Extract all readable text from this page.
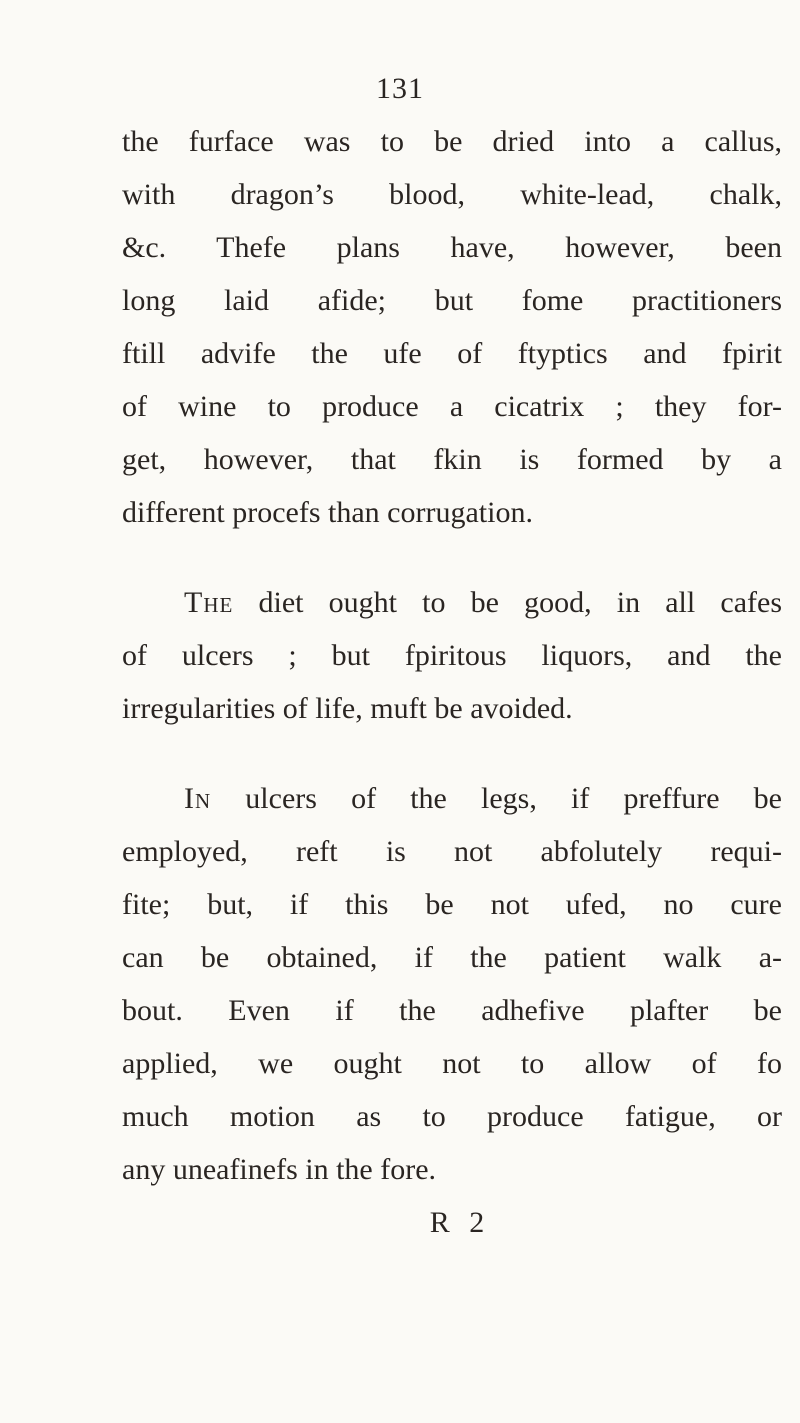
131
the furface was to be dried into a callus,
with dragon’s blood, white-lead, chalk,
&c. Thefe plans have, however, been
long laid afide; but fome practitioners
ftill advife the ufe of ftyptics and fpirit
of wine to produce a cicatrix ; they for-
get, however, that fkin is formed by a
different procefs than corrugation.
The diet ought to be good, in all cafes
of ulcers ; but fpiritous liquors, and the
irregularities of life, muft be avoided.
In ulcers of the legs, if preffure be
employed, reft is not abfolutely requi-
fite; but, if this be not ufed, no cure
can be obtained, if the patient walk a-
bout. Even if the adhefive plafter be
applied, we ought not to allow of fo
much motion as to produce fatigue, or
any uneafinefs in the fore.
R 2
